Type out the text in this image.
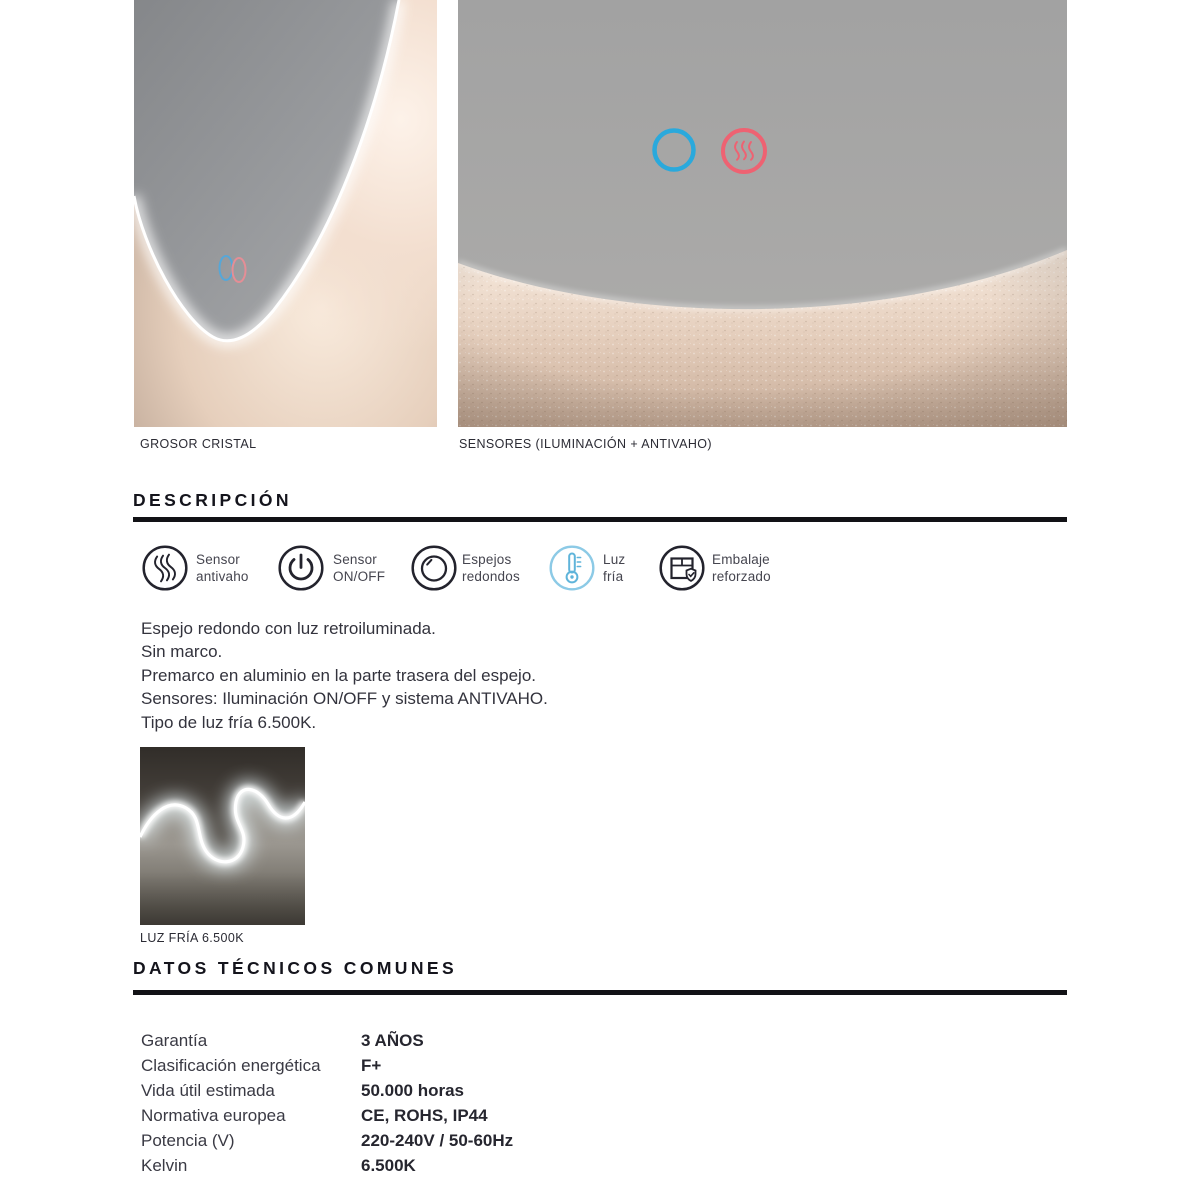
GROSOR CRISTAL	SENSORES (ILUMINACIÓN + ANTIVAHO)
DESCRIPCIÓN
Sensor
antivaho
Sensor
ON/OFF
Espejos
redondos
Luz
fría
Embalaje
reforzado
Espejo redondo con luz retroiluminada.
Sin marco.
Premarco en aluminio en la parte trasera del espejo.
Sensores: Iluminación ON/OFF y sistema ANTIVAHO.
Tipo de luz fría 6.500K.
LUZ FRÍA 6.500K
DATOS TÉCNICOS COMUNES
Garantía	3 AÑOS
Clasificación energética F+
Vida útil estimada	50.000 horas
Normativa europea	CE, ROHS, IP44
Potencia (V)	220-240V / 50-60Hz
Kelvin	6.500K
